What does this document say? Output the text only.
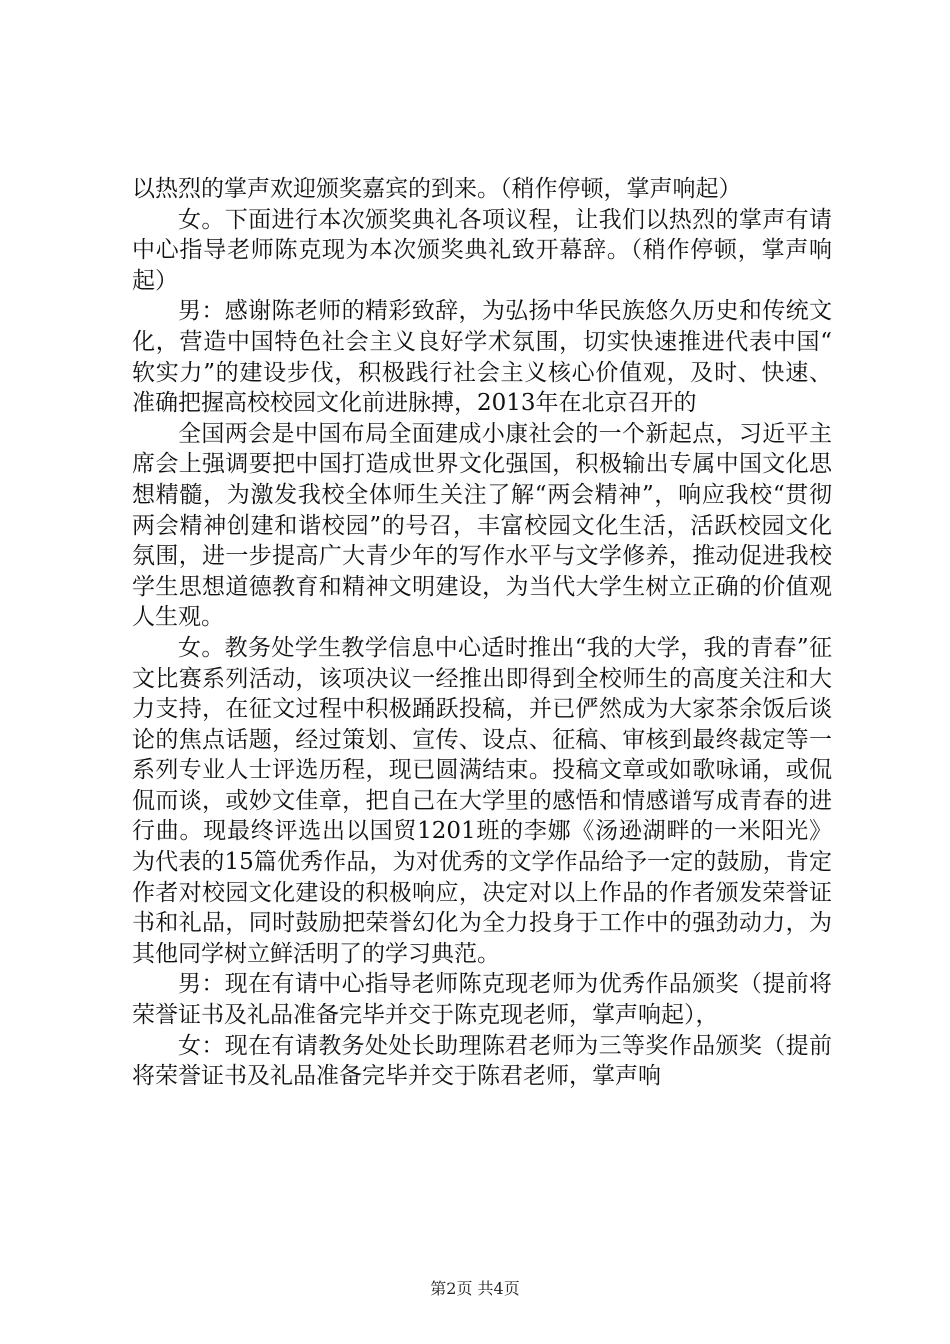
以热烈的掌声欢迎颁奖嘉宾的到来。（稍作停顿，掌声响起）

女。下面进行本次颁奖典礼各项议程，让我们以热烈的掌声有请中心指导老师陈克现为本次颁奖典礼致开幕辞。（稍作停顿，掌声响起）

男：感谢陈老师的精彩致辞，为弘扬中华民族悠久历史和传统文化，营造中国特色社会主义良好学术氛围，切实快速推进代表中国“软实力”的建设步伐，积极践行社会主义核心价值观，及时、快速、准确把握高校校园文化前进脉搏，2013年在北京召开的

全国两会是中国布局全面建成小康社会的一个新起点，习近平主席会上强调要把中国打造成世界文化强国，积极输出专属中国文化思想精髓，为激发我校全体师生关注了解“两会精神”，响应我校“贯彻两会精神创建和谐校园”的号召，丰富校园文化生活，活跃校园文化氛围，进一步提高广大青少年的写作水平与文学修养，推动促进我校学生思想道德教育和精神文明建设，为当代大学生树立正确的价值观人生观。

女。教务处学生教学信息中心适时推出“我的大学，我的青春”征文比赛系列活动，该项决议一经推出即得到全校师生的高度关注和大力支持，在征文过程中积极踊跃投稿，并已俨然成为大家茶余饭后谈论的焦点话题，经过策划、宣传、设点、征稿、审核到最终裁定等一系列专业人士评选历程，现已圆满结束。投稿文章或如歌咏诵，或侃侃而谈，或妙文佳章，把自己在大学里的感悟和情感谱写成青春的进行曲。现最终评选出以国贸1201班的李娜《汤逊湖畔的一米阳光》为代表的15篇优秀作品，为对优秀的文学作品给予一定的鼓励，肯定作者对校园文化建设的积极响应，决定对以上作品的作者颁发荣誉证书和礼品，同时鼓励把荣誉幻化为全力投身于工作中的强劲动力，为其他同学树立鲜活明了的学习典范。

男：现在有请中心指导老师陈克现老师为优秀作品颁奖（提前将荣誉证书及礼品准备完毕并交于陈克现老师，掌声响起），

女：现在有请教务处处长助理陈君老师为三等奖作品颁奖（提前将荣誉证书及礼品准备完毕并交于陈君老师，掌声响

第2页 共4页
